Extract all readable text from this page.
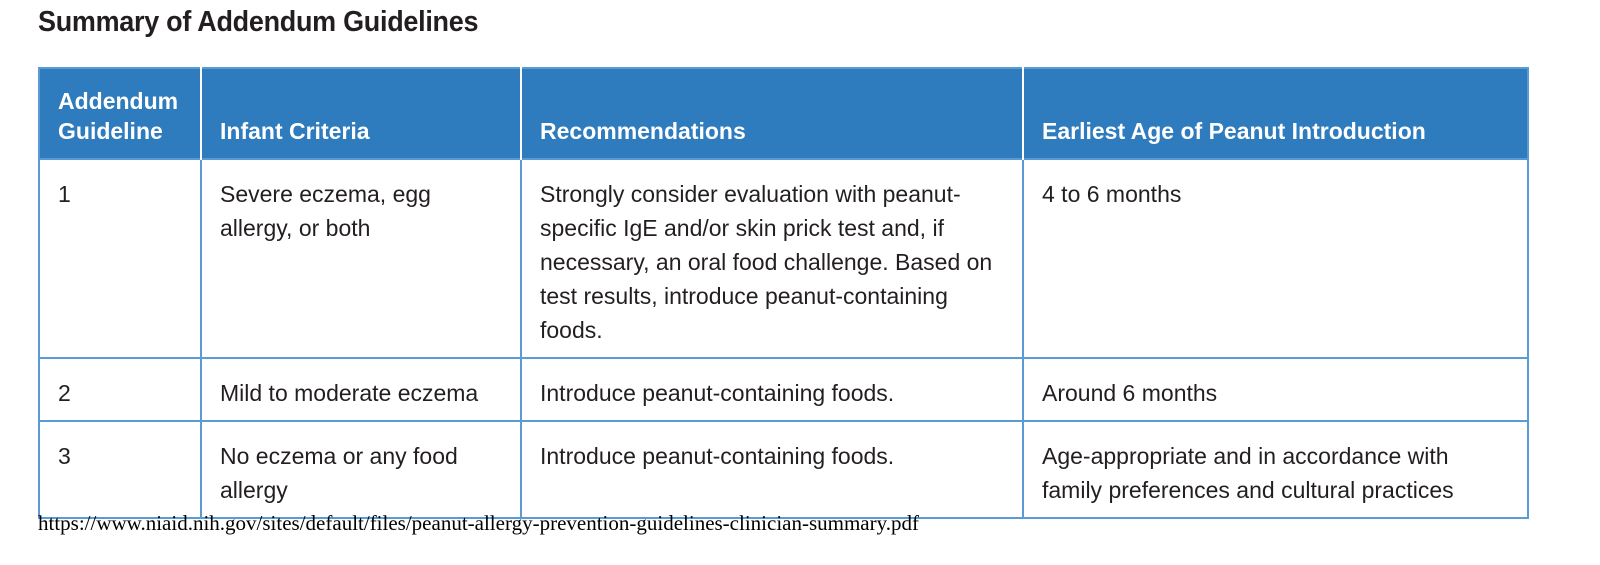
Summary of Addendum Guidelines
Addendum Guideline	Infant Criteria	Recommendations	Earliest Age of Peanut Introduction
1	Severe eczema, egg allergy, or both	Strongly consider evaluation with peanut-specific IgE and/or skin prick test and, if necessary, an oral food challenge. Based on test results, introduce peanut-containing foods.	4 to 6 months
2	Mild to moderate eczema	Introduce peanut-containing foods.	Around 6 months
3	No eczema or any food allergy	Introduce peanut-containing foods.	Age-appropriate and in accordance with family preferences and cultural practices
https://www.niaid.nih.gov/sites/default/files/peanut-allergy-prevention-guidelines-clinician-summary.pdf
